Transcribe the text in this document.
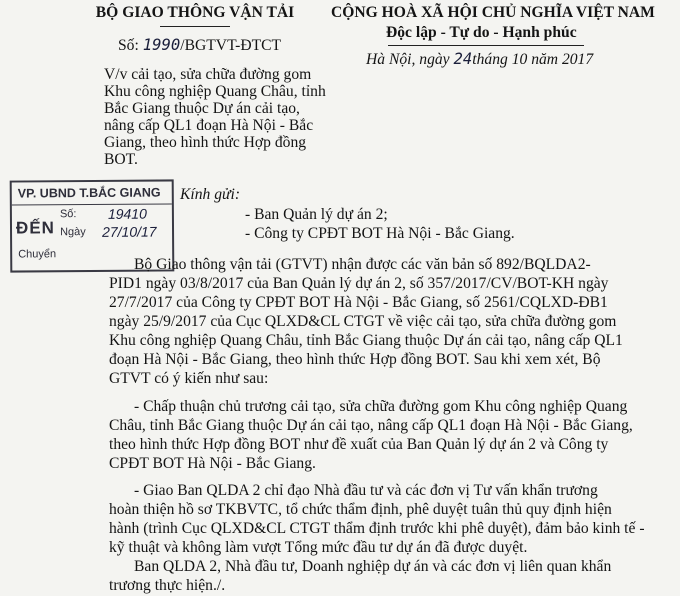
BỘ GIAO THÔNG VẬN TẢI
Số: 1990/BGTVT-ĐTCT
CỘNG HOÀ XÃ HỘI CHỦ NGHĨA VIỆT NAM
Độc lập - Tự do - Hạnh phúc
Hà Nội, ngày 24tháng 10 năm 2017
V/v cải tạo, sửa chữa đường gom
Khu công nghiệp Quang Châu, tỉnh
Bắc Giang thuộc Dự án cải tạo,
nâng cấp QL1 đoạn Hà Nội - Bắc
Giang, theo hình thức Hợp đồng
BOT.
VP. UBND T.BẮC GIANG
ĐẾN
Số: 19410
Ngày 27/10/17
Chuyển
Kính gửi:
- Ban Quản lý dự án 2;
- Công ty CPĐT BOT Hà Nội - Bắc Giang.
Bộ Giao thông vận tải (GTVT) nhận được các văn bản số 892/BQLDA2-
PID1 ngày 03/8/2017 của Ban Quản lý dự án 2, số 357/2017/CV/BOT-KH ngày
27/7/2017 của Công ty CPĐT BOT Hà Nội - Bắc Giang, số 2561/CQLXD-ĐB1
ngày 25/9/2017 của Cục QLXD&CL CTGT về việc cải tạo, sửa chữa đường gom
Khu công nghiệp Quang Châu, tỉnh Bắc Giang thuộc Dự án cải tạo, nâng cấp QL1
đoạn Hà Nội - Bắc Giang, theo hình thức Hợp đồng BOT. Sau khi xem xét, Bộ
GTVT có ý kiến như sau:
- Chấp thuận chủ trương cải tạo, sửa chữa đường gom Khu công nghiệp Quang
Châu, tỉnh Bắc Giang thuộc Dự án cải tạo, nâng cấp QL1 đoạn Hà Nội - Bắc Giang,
theo hình thức Hợp đồng BOT như đề xuất của Ban Quản lý dự án 2 và Công ty
CPĐT BOT Hà Nội - Bắc Giang.
- Giao Ban QLDA 2 chỉ đạo Nhà đầu tư và các đơn vị Tư vấn khẩn trương
hoàn thiện hồ sơ TKBVTC, tổ chức thẩm định, phê duyệt tuân thủ quy định hiện
hành (trình Cục QLXD&CL CTGT thẩm định trước khi phê duyệt), đảm bảo kinh tế -
kỹ thuật và không làm vượt Tổng mức đầu tư dự án đã được duyệt.
Ban QLDA 2, Nhà đầu tư, Doanh nghiệp dự án và các đơn vị liên quan khẩn
trương thực hiện./.
